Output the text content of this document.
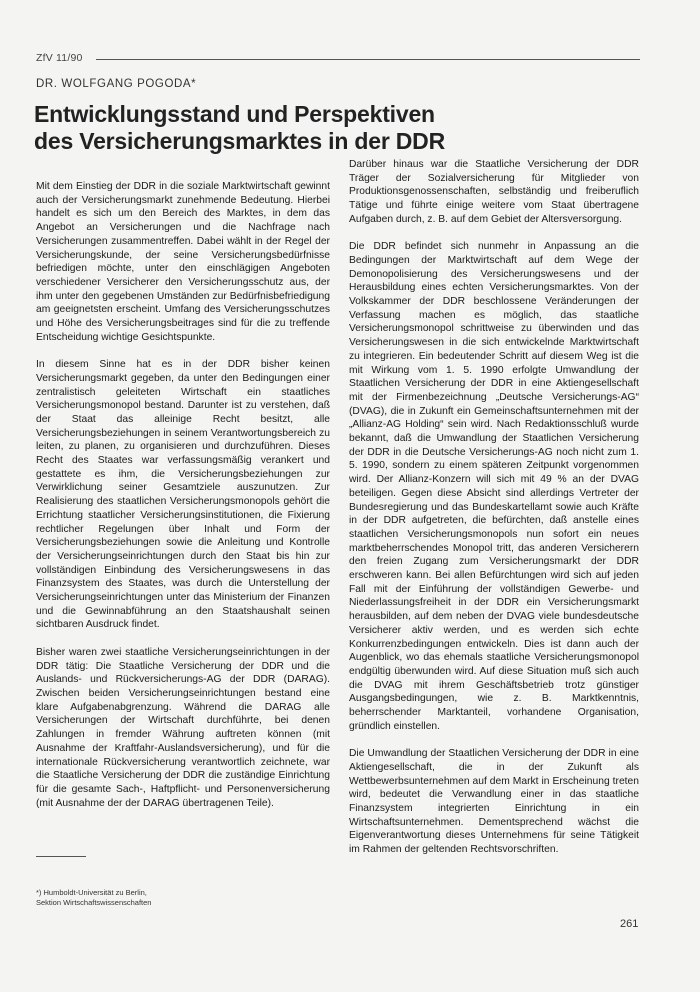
ZfV 11/90
DR. WOLFGANG POGODA*
Entwicklungsstand und Perspektiven
des Versicherungsmarktes in der DDR

Mit dem Einstieg der DDR in die soziale Marktwirtschaft gewinnt auch der Versicherungsmarkt zunehmende Bedeutung. Hierbei handelt es sich um den Bereich des Marktes, in dem das Angebot an Versicherungen und die Nachfrage nach Versicherungen zusammentreffen. Dabei wählt in der Regel der Versicherungskunde, der seine Versicherungsbedürfnisse befriedigen möchte, unter den einschlägigen Angeboten verschiedener Versicherer den Versicherungsschutz aus, der ihm unter den gegebenen Umständen zur Bedürfnisbefriedigung am geeignetsten erscheint. Umfang des Versicherungsschutzes und Höhe des Versicherungsbeitrages sind für die zu treffende Entscheidung wichtige Gesichtspunkte.

In diesem Sinne hat es in der DDR bisher keinen Versicherungsmarkt gegeben, da unter den Bedingungen einer zentralistisch geleiteten Wirtschaft ein staatliches Versicherungsmonopol bestand. Darunter ist zu verstehen, daß der Staat das alleinige Recht besitzt, alle Versicherungsbeziehungen in seinem Verantwortungsbereich zu leiten, zu planen, zu organisieren und durchzuführen. Dieses Recht des Staates war verfassungsmäßig verankert und gestattete es ihm, die Versicherungsbeziehungen zur Verwirklichung seiner Gesamtziele auszunutzen. Zur Realisierung des staatlichen Versicherungsmonopols gehört die Errichtung staatlicher Versicherungsinstitutionen, die Fixierung rechtlicher Regelungen über Inhalt und Form der Versicherungsbeziehungen sowie die Anleitung und Kontrolle der Versicherungseinrichtungen durch den Staat bis hin zur vollständigen Einbindung des Versicherungswesens in das Finanzsystem des Staates, was durch die Unterstellung der Versicherungseinrichtungen unter das Ministerium der Finanzen und die Gewinnabführung an den Staatshaushalt seinen sichtbaren Ausdruck findet.

Bisher waren zwei staatliche Versicherungseinrichtungen in der DDR tätig: Die Staatliche Versicherung der DDR und die Auslands- und Rückversicherungs-AG der DDR (DARAG). Zwischen beiden Versicherungseinrichtungen bestand eine klare Aufgabenabgrenzung. Während die DARAG alle Versicherungen der Wirtschaft durchführte, bei denen Zahlungen in fremder Währung auftreten können (mit Ausnahme der Kraftfahr-Auslandsversicherung), und für die internationale Rückversicherung verantwortlich zeichnete, war die Staatliche Versicherung der DDR die zuständige Einrichtung für die gesamte Sach-, Haftpflicht- und Personenversicherung (mit Ausnahme der der DARAG übertragenen Teile).

Darüber hinaus war die Staatliche Versicherung der DDR Träger der Sozialversicherung für Mitglieder von Produktionsgenossenschaften, selbständig und freiberuflich Tätige und führte einige weitere vom Staat übertragene Aufgaben durch, z. B. auf dem Gebiet der Altersversorgung.

Die DDR befindet sich nunmehr in Anpassung an die Bedingungen der Marktwirtschaft auf dem Wege der Demonopolisierung des Versicherungswesens und der Herausbildung eines echten Versicherungsmarktes. Von der Volkskammer der DDR beschlossene Veränderungen der Verfassung machen es möglich, das staatliche Versicherungsmonopol schrittweise zu überwinden und das Versicherungswesen in die sich entwickelnde Marktwirtschaft zu integrieren. Ein bedeutender Schritt auf diesem Weg ist die mit Wirkung vom 1. 5. 1990 erfolgte Umwandlung der Staatlichen Versicherung der DDR in eine Aktiengesellschaft mit der Firmenbezeichnung „Deutsche Versicherungs-AG“ (DVAG), die in Zukunft ein Gemeinschaftsunternehmen mit der „Allianz-AG Holding“ sein wird. Nach Redaktionsschluß wurde bekannt, daß die Umwandlung der Staatlichen Versicherung der DDR in die Deutsche Versicherungs-AG noch nicht zum 1. 5. 1990, sondern zu einem späteren Zeitpunkt vorgenommen wird. Der Allianz-Konzern will sich mit 49 % an der DVAG beteiligen. Gegen diese Absicht sind allerdings Vertreter der Bundesregierung und das Bundeskartellamt sowie auch Kräfte in der DDR aufgetreten, die befürchten, daß anstelle eines staatlichen Versicherungsmonopols nun sofort ein neues marktbeherrschendes Monopol tritt, das anderen Versicherern den freien Zugang zum Versicherungsmarkt der DDR erschweren kann. Bei allen Befürchtungen wird sich auf jeden Fall mit der Einführung der vollständigen Gewerbe- und Niederlassungsfreiheit in der DDR ein Versicherungsmarkt herausbilden, auf dem neben der DVAG viele bundesdeutsche Versicherer aktiv werden, und es werden sich echte Konkurrenzbedingungen entwickeln. Dies ist dann auch der Augenblick, wo das ehemals staatliche Versicherungsmonopol endgültig überwunden wird. Auf diese Situation muß sich auch die DVAG mit ihrem Geschäftsbetrieb trotz günstiger Ausgangsbedingungen, wie z. B. Marktkenntnis, beherrschender Marktanteil, vorhandene Organisation, gründlich einstellen.

Die Umwandlung der Staatlichen Versicherung der DDR in eine Aktiengesellschaft, die in der Zukunft als Wettbewerbsunternehmen auf dem Markt in Erscheinung treten wird, bedeutet die Verwandlung einer in das staatliche Finanzsystem integrierten Einrichtung in ein Wirtschaftsunternehmen. Dementsprechend wächst die Eigenverantwortung dieses Unternehmens für seine Tätigkeit im Rahmen der geltenden Rechtsvorschriften.

*) Humboldt-Universität zu Berlin,
Sektion Wirtschaftswissenschaften
261
